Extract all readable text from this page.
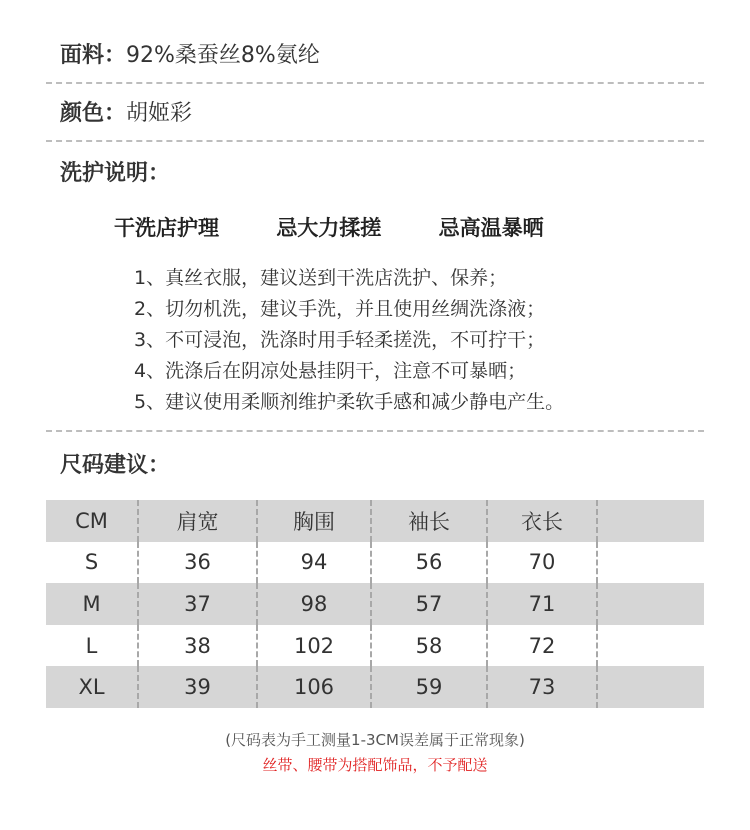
面料：92%桑蚕丝8%氨纶
颜色：胡姬彩
洗护说明：
干洗店护理	忌大力揉搓	忌高温暴晒
1、真丝衣服，建议送到干洗店洗护、保养；
2、切勿机洗，建议手洗，并且使用丝绸洗涤液；
3、不可浸泡，洗涤时用手轻柔搓洗，不可拧干；
4、洗涤后在阴凉处悬挂阴干，注意不可暴晒；
5、建议使用柔顺剂维护柔软手感和减少静电产生。
尺码建议：
CM	肩宽	胸围	袖长	衣长
S	36	94	56	70
M	37	98	57	71
L	38	102	58	72
XL	39	106	59	73
(尺码表为手工测量1-3CM误差属于正常现象)
丝带、腰带为搭配饰品，不予配送
